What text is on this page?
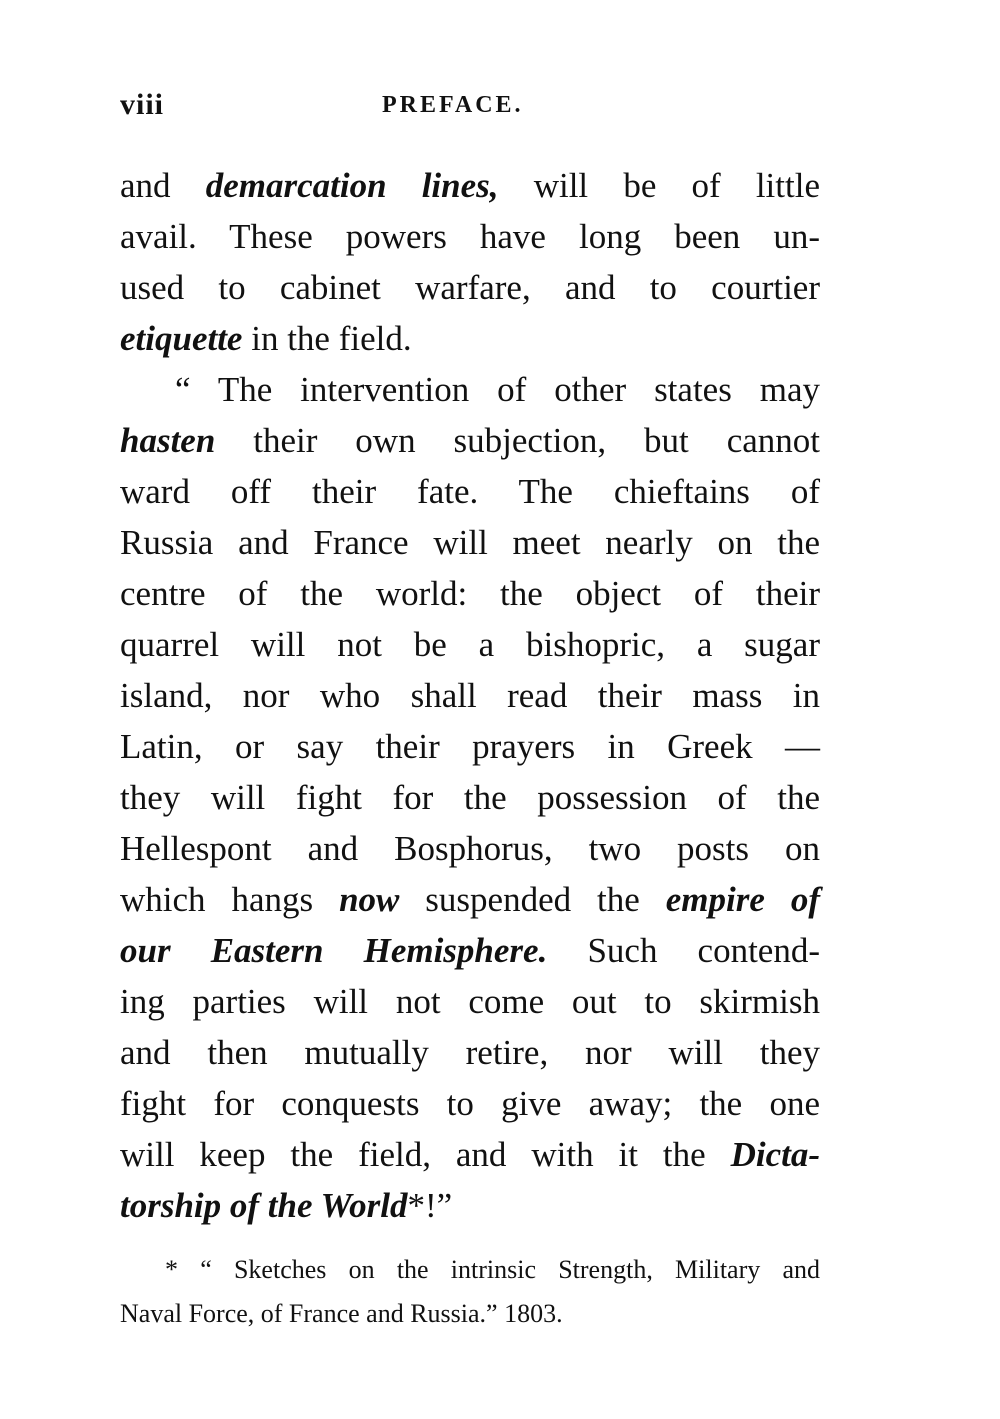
viii	PREFACE.
and demarcation lines, will be of little
avail. These powers have long been un-
used to cabinet warfare, and to courtier
etiquette in the field.
“ The intervention of other states may
hasten their own subjection, but cannot
ward off their fate. The chieftains of
Russia and France will meet nearly on the
centre of the world: the object of their
quarrel will not be a bishopric, a sugar
island, nor who shall read their mass in
Latin, or say their prayers in Greek —
they will fight for the possession of the
Hellespont and Bosphorus, two posts on
which hangs now suspended the empire of
our Eastern Hemisphere. Such contend-
ing parties will not come out to skirmish
and then mutually retire, nor will they
fight for conquests to give away; the one
will keep the field, and with it the Dicta-
torship of the World*!”
* “ Sketches on the intrinsic Strength, Military and
Naval Force, of France and Russia.” 1803.
